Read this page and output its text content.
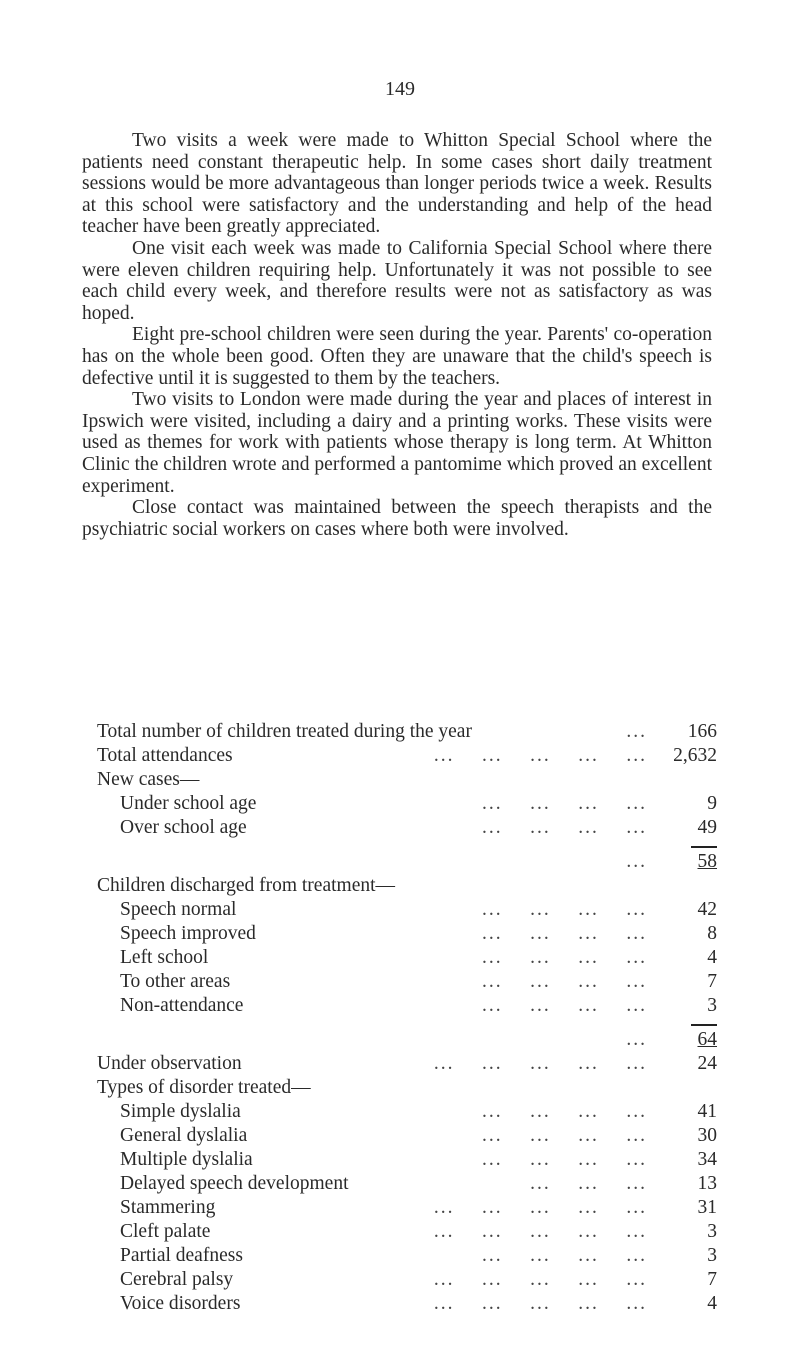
149

Two visits a week were made to Whitton Special School where the patients need constant therapeutic help. In some cases short daily treatment sessions would be more advantageous than longer periods twice a week. Results at this school were satisfactory and the understanding and help of the head teacher have been greatly appreciated.

One visit each week was made to California Special School where there were eleven children requiring help. Unfortunately it was not possible to see each child every week, and therefore results were not as satisfactory as was hoped.

Eight pre-school children were seen during the year. Parents' co-operation has on the whole been good. Often they are unaware that the child's speech is defective until it is suggested to them by the teachers.

Two visits to London were made during the year and places of interest in Ipswich were visited, including a dairy and a printing works. These visits were used as themes for work with patients whose therapy is long term. At Whitton Clinic the children wrote and performed a pantomime which proved an excellent experiment.

Close contact was maintained between the speech therapists and the psychiatric social workers on cases where both were involved.

Total number of children treated during the year	... 166
Total attendances	...    ...    ...    ...    ... 2,632
New cases—
Under school age	...    ...    ...    ...	9
Over school age	...    ...    ...    ...	49
...	58
Children discharged from treatment—
Speech normal	...    ...    ...    ...	42
Speech improved	...    ...    ...    ...	8
Left school	...    ...    ...    ...	4
To other areas	...    ...    ...    ...	7
Non-attendance	...    ...    ...    ...	3
...	64
Under observation	...    ...    ...    ...    ...	24
Types of disorder treated—
Simple dyslalia	...    ...    ...    ...	41
General dyslalia	...    ...    ...    ...	30
Multiple dyslalia	...    ...    ...    ...	34
Delayed speech development	...    ...    ...	13
Stammering	...    ...    ...    ...    ...	31
Cleft palate	...    ...    ...    ...    ...	3
Partial deafness	...    ...    ...    ...	3
Cerebral palsy	...    ...    ...    ...    ...	7
Voice disorders	...    ...    ...    ...    ...	4
